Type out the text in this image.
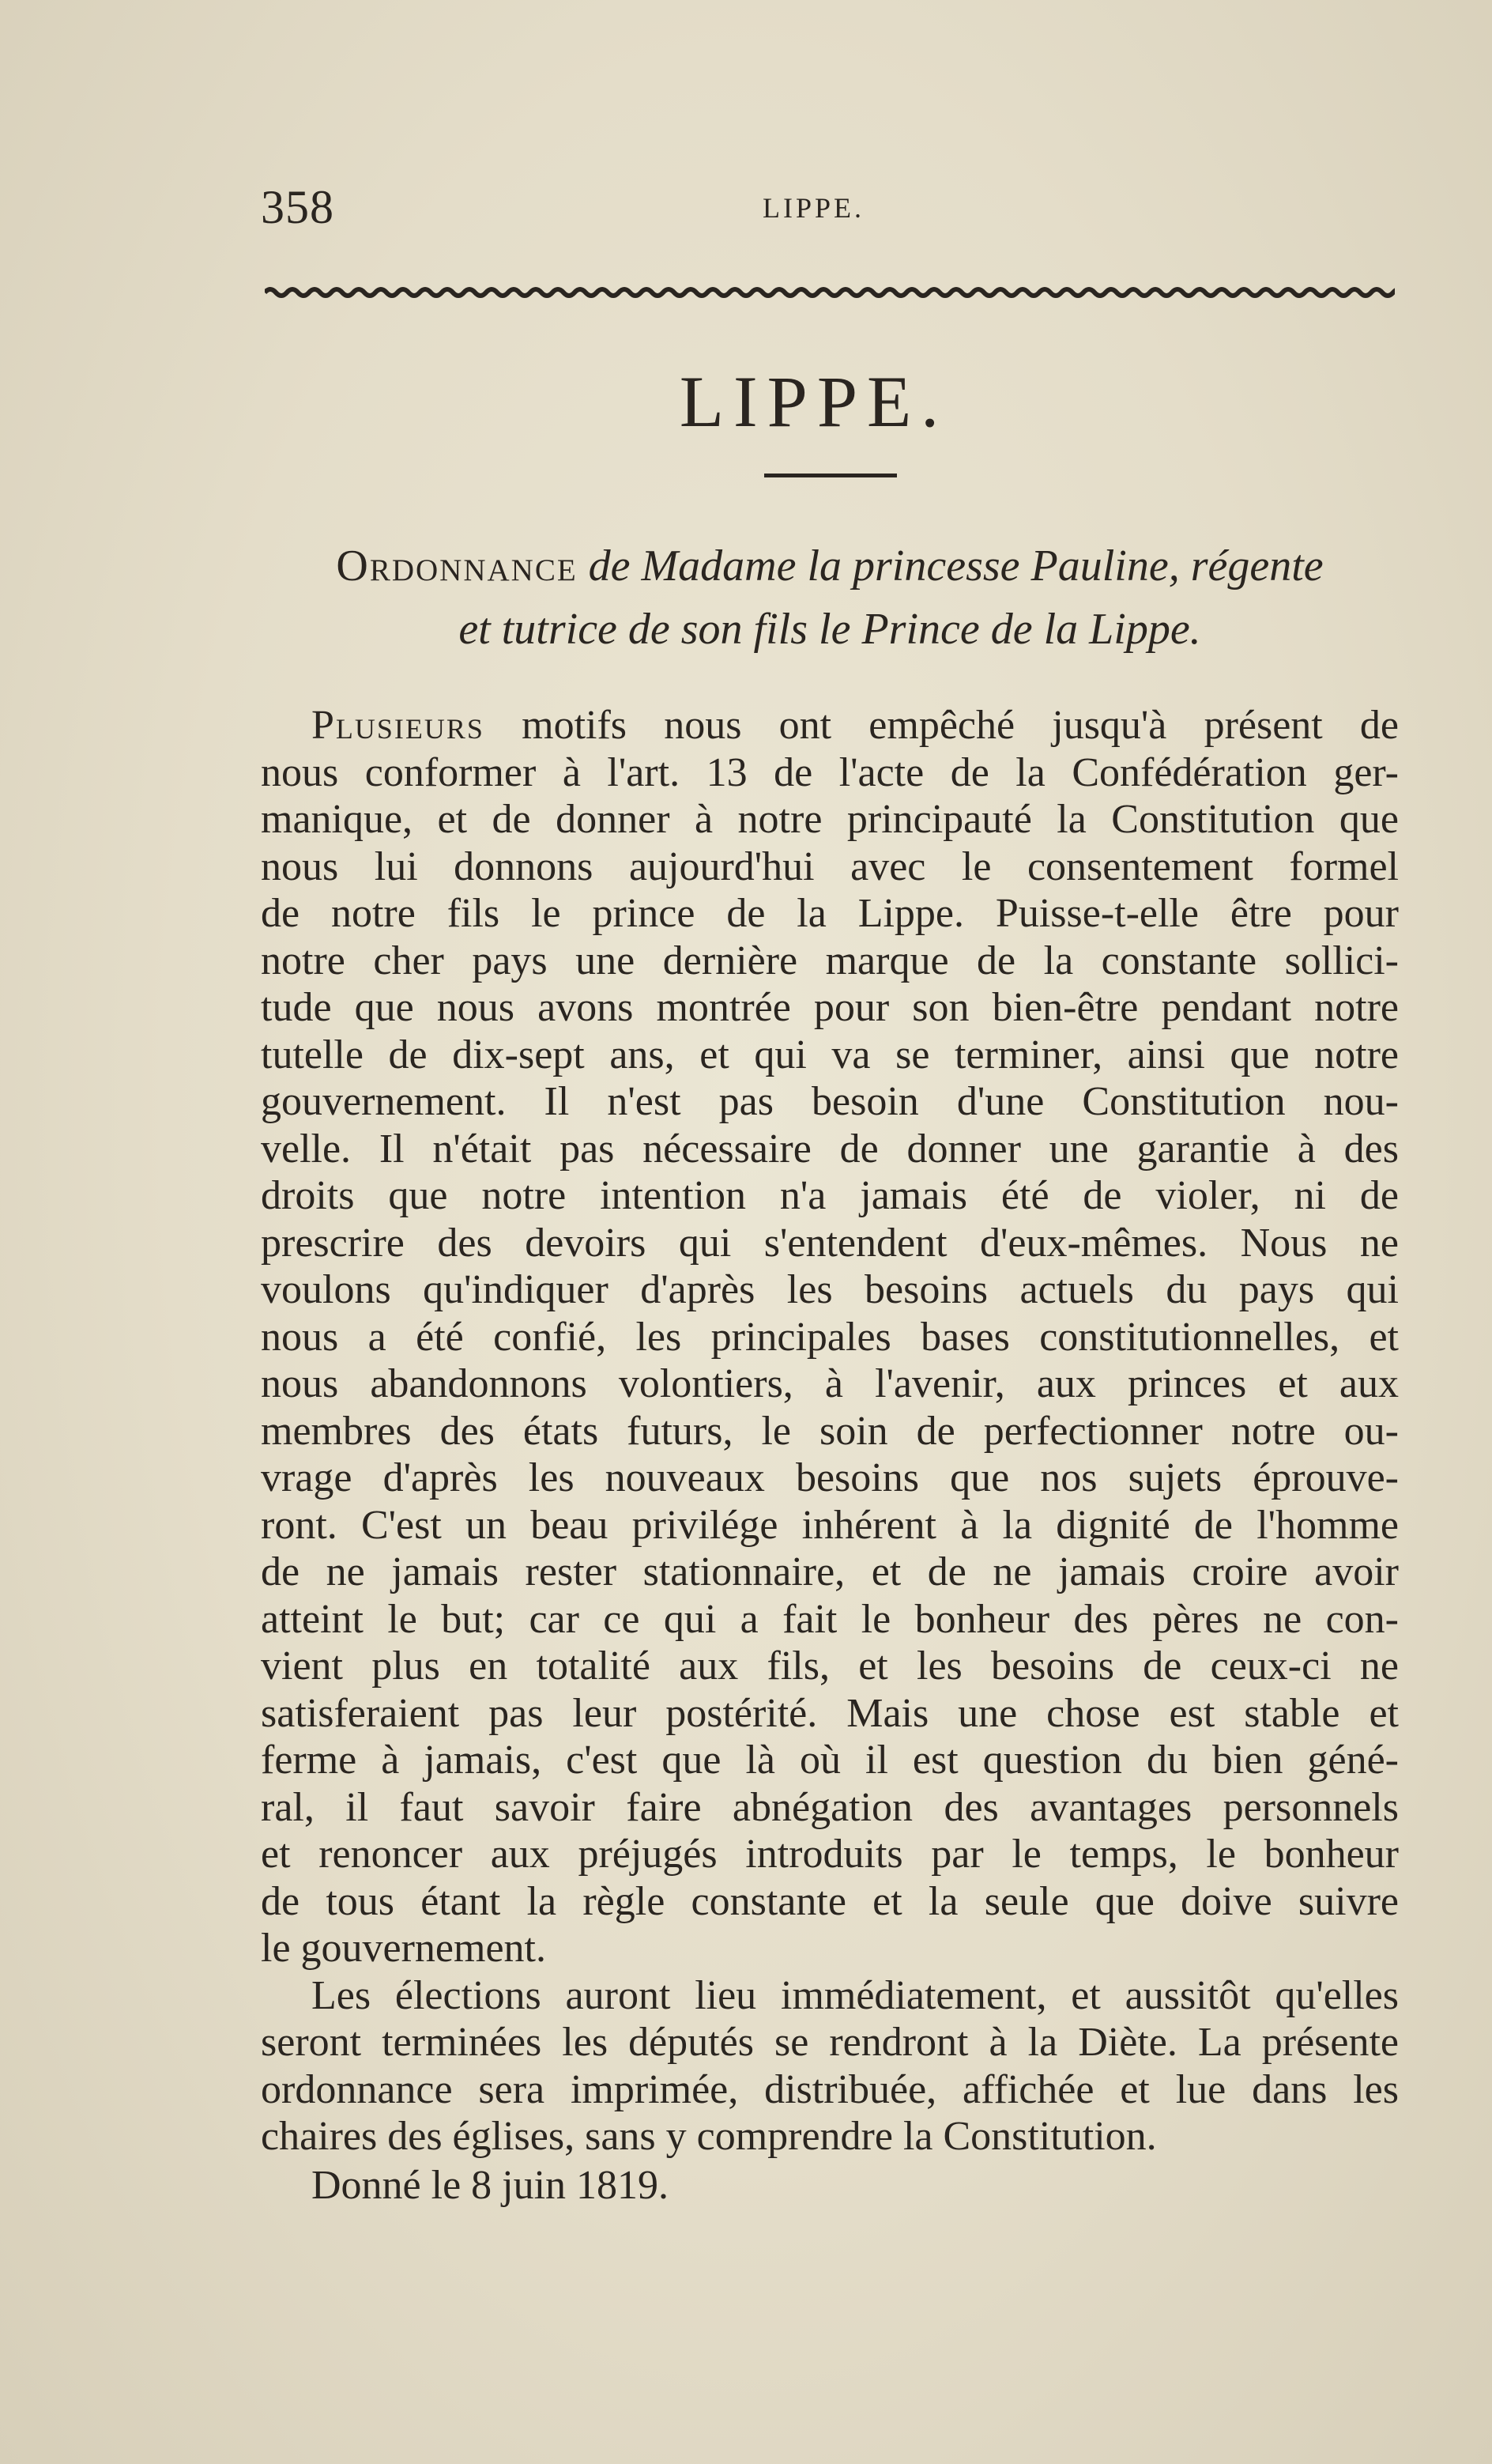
358	LIPPE.
LIPPE.
Ordonnance de Madame la princesse Pauline, régente
et tutrice de son fils le Prince de la Lippe.
Plusieurs motifs nous ont empêché jusqu'à présent de
nous conformer à l'art. 13 de l'acte de la Confédération ger-
manique, et de donner à notre principauté la Constitution que
nous lui donnons aujourd'hui avec le consentement formel
de notre fils le prince de la Lippe. Puisse-t-elle être pour
notre cher pays une dernière marque de la constante sollici-
tude que nous avons montrée pour son bien-être pendant notre
tutelle de dix-sept ans, et qui va se terminer, ainsi que notre
gouvernement. Il n'est pas besoin d'une Constitution nou-
velle. Il n'était pas nécessaire de donner une garantie à des
droits que notre intention n'a jamais été de violer, ni de
prescrire des devoirs qui s'entendent d'eux-mêmes. Nous ne
voulons qu'indiquer d'après les besoins actuels du pays qui
nous a été confié, les principales bases constitutionnelles, et
nous abandonnons volontiers, à l'avenir, aux princes et aux
membres des états futurs, le soin de perfectionner notre ou-
vrage d'après les nouveaux besoins que nos sujets éprouve-
ront. C'est un beau privilége inhérent à la dignité de l'homme
de ne jamais rester stationnaire, et de ne jamais croire avoir
atteint le but; car ce qui a fait le bonheur des pères ne con-
vient plus en totalité aux fils, et les besoins de ceux-ci ne
satisferaient pas leur postérité. Mais une chose est stable et
ferme à jamais, c'est que là où il est question du bien géné-
ral, il faut savoir faire abnégation des avantages personnels
et renoncer aux préjugés introduits par le temps, le bonheur
de tous étant la règle constante et la seule que doive suivre
le gouvernement.
Les élections auront lieu immédiatement, et aussitôt qu'elles
seront terminées les députés se rendront à la Diète. La présente
ordonnance sera imprimée, distribuée, affichée et lue dans les
chaires des églises, sans y comprendre la Constitution.
Donné le 8 juin 1819.
